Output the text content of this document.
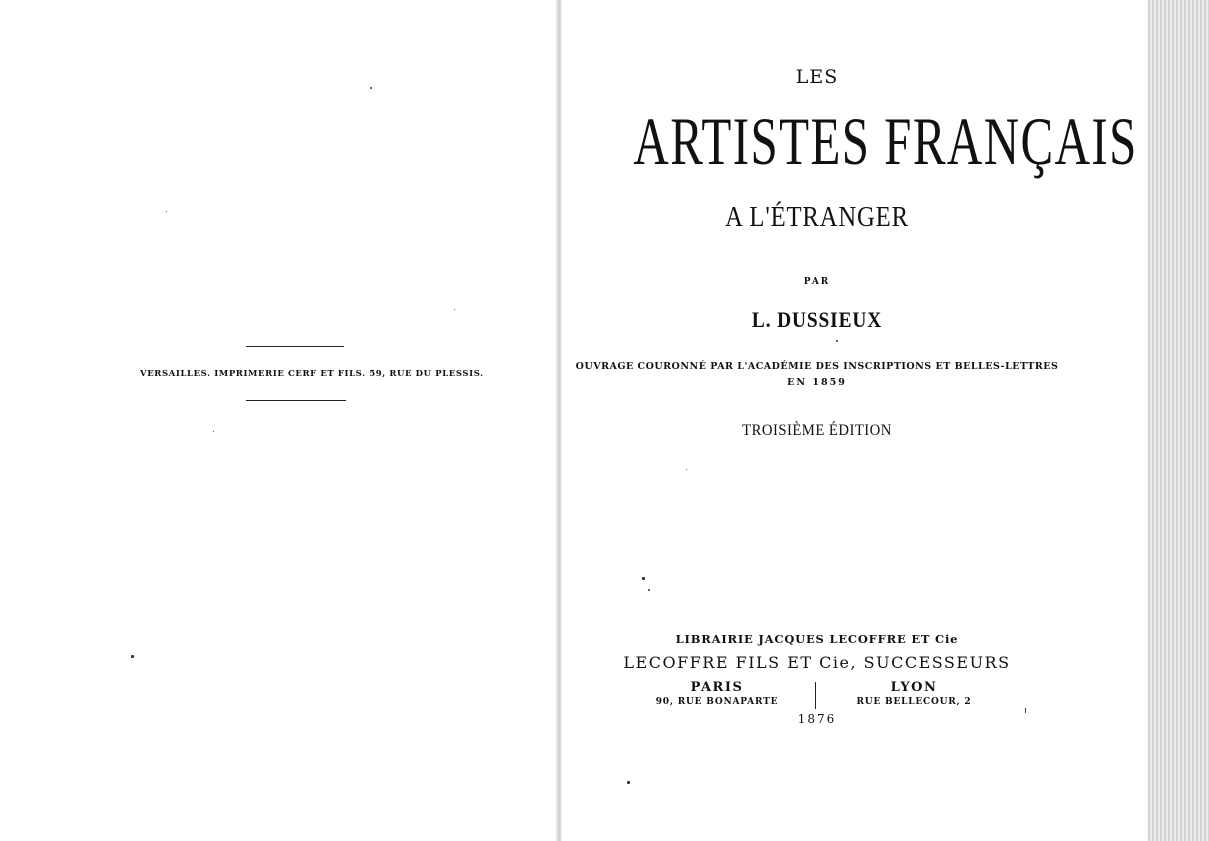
VERSAILLES. IMPRIMERIE CERF ET FILS. 59, RUE DU PLESSIS.
LES
ARTISTES FRANÇAIS
A L'ÉTRANGER
PAR
L. DUSSIEUX
OUVRAGE COURONNÉ PAR L'ACADÉMIE DES INSCRIPTIONS ET BELLES-LETTRES
EN 1859
TROISIÈME ÉDITION
LIBRAIRIE JACQUES LECOFFRE ET Cie
LECOFFRE FILS ET Cie, SUCCESSEURS
PARIS
90, RUE BONAPARTE
LYON
RUE BELLECOUR, 2
1876
